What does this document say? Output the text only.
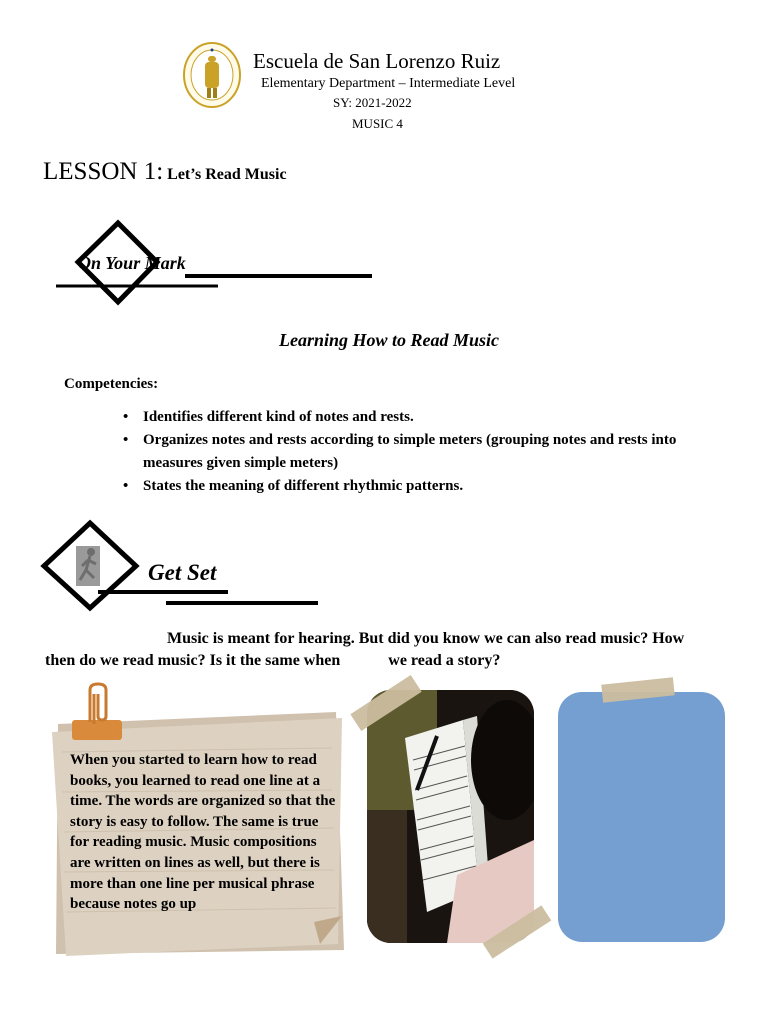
Escuela de San Lorenzo Ruiz
Elementary Department – Intermediate Level
SY: 2021-2022
MUSIC 4
LESSON 1: Let’s Read Music
On Your Mark
Learning How to Read Music
Competencies:
• Identifies different kind of notes and rests.
• Organizes notes and rests according to simple meters (grouping notes and rests into measures given simple meters)
• States the meaning of different rhythmic patterns.
Get Set
Music is meant for hearing. But did you know we can also read music? How
then do we read music? Is it the same when	we read a story?
When you started to learn how to read books, you learned to read one line at a time. The words are organized so that the story is easy to follow. The same is true for reading music. Music compositions are written on lines as well, but there is more than one line per musical phrase because notes go up
